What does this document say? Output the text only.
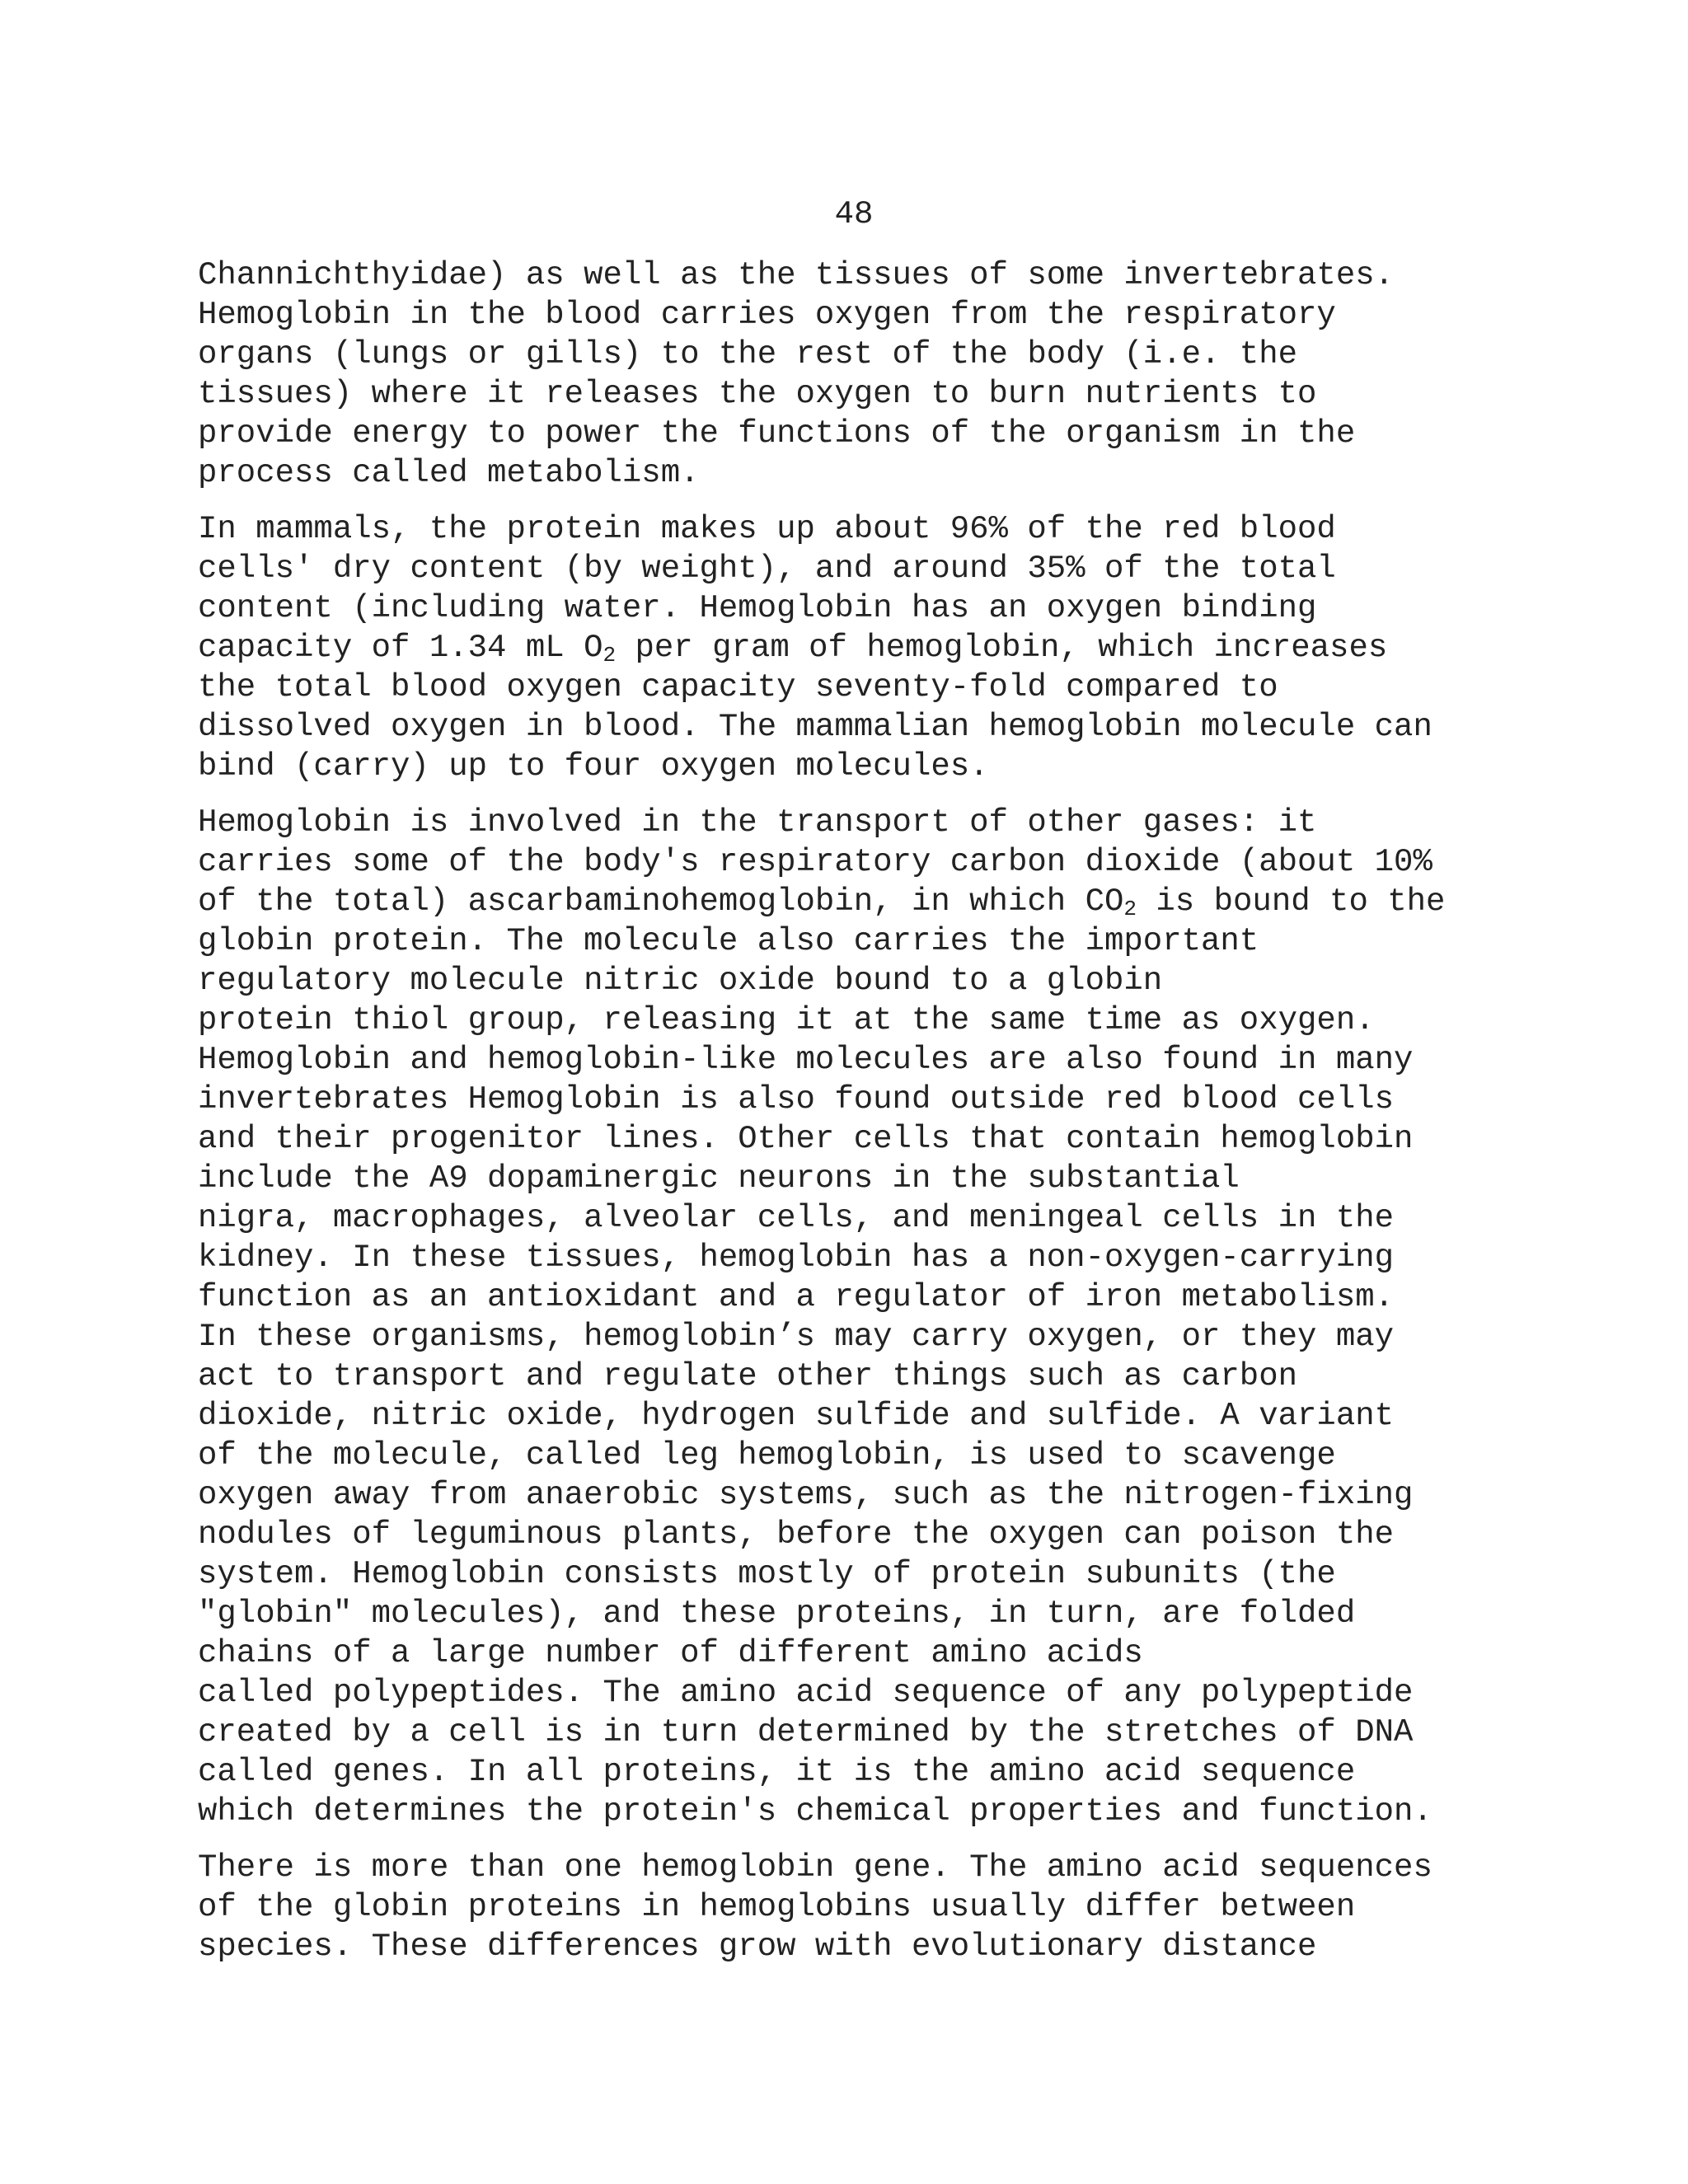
48

Channichthyidae) as well as the tissues of some invertebrates.
Hemoglobin in the blood carries oxygen from the respiratory
organs (lungs or gills) to the rest of the body (i.e. the
tissues) where it releases the oxygen to burn nutrients to
provide energy to power the functions of the organism in the
process called metabolism.
In mammals, the protein makes up about 96% of the red blood
cells' dry content (by weight), and around 35% of the total
content (including water. Hemoglobin has an oxygen binding
capacity of 1.34 mL $O_2$ per gram of hemoglobin, which increases
the total blood oxygen capacity seventy-fold compared to
dissolved oxygen in blood. The mammalian hemoglobin molecule can
bind (carry) up to four oxygen molecules.
Hemoglobin is involved in the transport of other gases: it
carries some of the body's respiratory carbon dioxide (about 10%
of the total) ascarbaminohemoglobin, in which $CO_2$ is bound to the
globin protein. The molecule also carries the important
regulatory molecule nitric oxide bound to a globin
protein thiol group, releasing it at the same time as oxygen.
Hemoglobin and hemoglobin-like molecules are also found in many
invertebrates Hemoglobin is also found outside red blood cells
and their progenitor lines. Other cells that contain hemoglobin
include the A9 dopaminergic neurons in the substantial
nigra, macrophages, alveolar cells, and meningeal cells in the
kidney. In these tissues, hemoglobin has a non-oxygen-carrying
function as an antioxidant and a regulator of iron metabolism.
In these organisms, hemoglobin’s may carry oxygen, or they may
act to transport and regulate other things such as carbon
dioxide, nitric oxide, hydrogen sulfide and sulfide. A variant
of the molecule, called leg hemoglobin, is used to scavenge
oxygen away from anaerobic systems, such as the nitrogen-fixing
nodules of leguminous plants, before the oxygen can poison the
system. Hemoglobin consists mostly of protein subunits (the
"globin" molecules), and these proteins, in turn, are folded
chains of a large number of different amino acids
called polypeptides. The amino acid sequence of any polypeptide
created by a cell is in turn determined by the stretches of DNA
called genes. In all proteins, it is the amino acid sequence
which determines the protein's chemical properties and function.
There is more than one hemoglobin gene. The amino acid sequences
of the globin proteins in hemoglobins usually differ between
species. These differences grow with evolutionary distance
